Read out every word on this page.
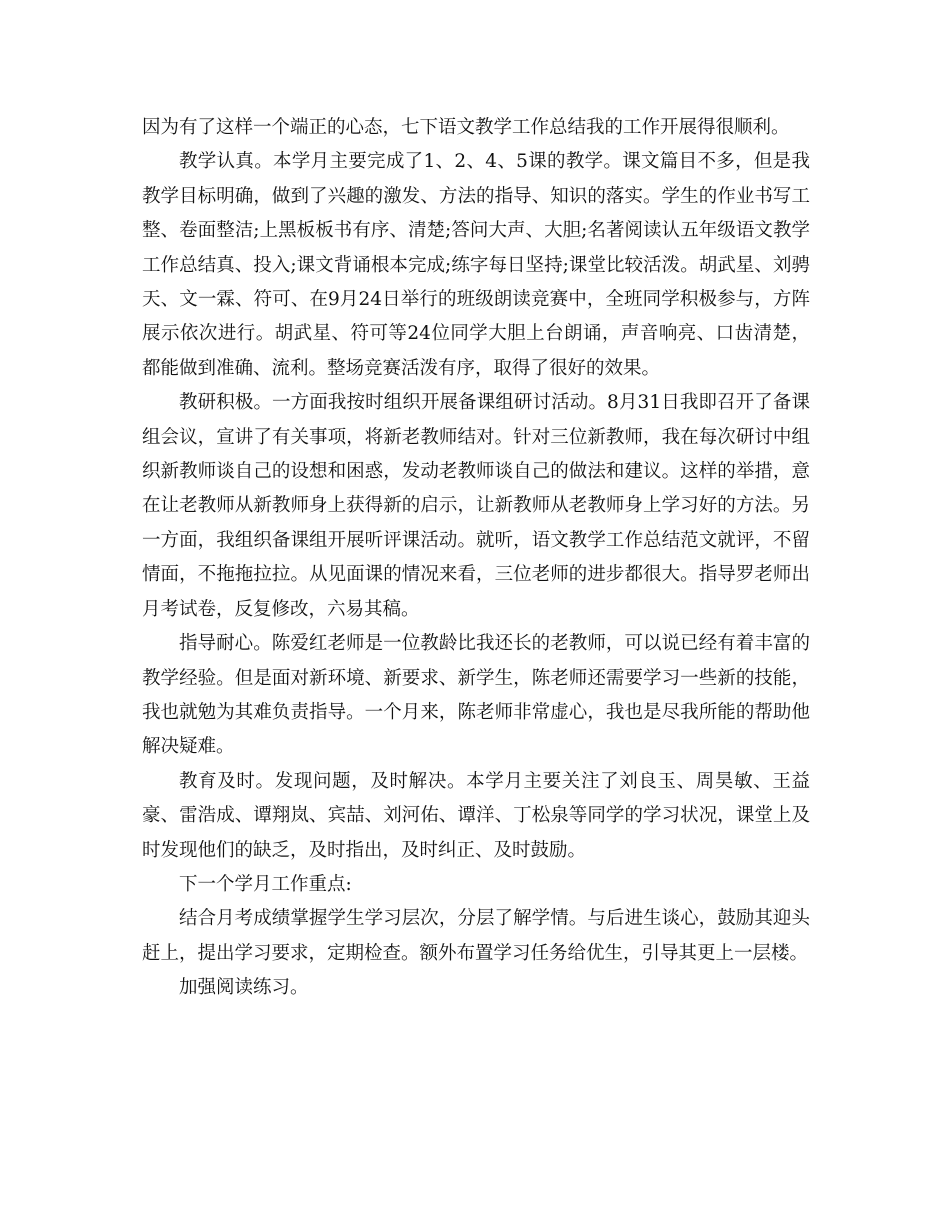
因为有了这样一个端正的心态，七下语文教学工作总结我的工作开展得很顺利。

教学认真。本学月主要完成了1、2、4、5课的教学。课文篇目不多，但是我教学目标明确，做到了兴趣的激发、方法的指导、知识的落实。学生的作业书写工整、卷面整洁;上黑板板书有序、清楚;答问大声、大胆;名著阅读认五年级语文教学工作总结真、投入;课文背诵根本完成;练字每日坚持;课堂比较活泼。胡武星、刘骋天、文一霖、符可、在9月24日举行的班级朗读竞赛中，全班同学积极参与，方阵展示依次进行。胡武星、符可等24位同学大胆上台朗诵，声音响亮、口齿清楚，都能做到准确、流利。整场竞赛活泼有序，取得了很好的效果。

教研积极。一方面我按时组织开展备课组研讨活动。8月31日我即召开了备课组会议，宣讲了有关事项，将新老教师结对。针对三位新教师，我在每次研讨中组织新教师谈自己的设想和困惑，发动老教师谈自己的做法和建议。这样的举措，意在让老教师从新教师身上获得新的启示，让新教师从老教师身上学习好的方法。另一方面，我组织备课组开展听评课活动。就听，语文教学工作总结范文就评，不留情面，不拖拖拉拉。从见面课的情况来看，三位老师的进步都很大。指导罗老师出月考试卷，反复修改，六易其稿。

指导耐心。陈爱红老师是一位教龄比我还长的老教师，可以说已经有着丰富的教学经验。但是面对新环境、新要求、新学生，陈老师还需要学习一些新的技能，我也就勉为其难负责指导。一个月来，陈老师非常虚心，我也是尽我所能的帮助他解决疑难。

教育及时。发现问题，及时解决。本学月主要关注了刘良玉、周昊敏、王益豪、雷浩成、谭翔岚、宾喆、刘河佑、谭洋、丁松泉等同学的学习状况，课堂上及时发现他们的缺乏，及时指出，及时纠正、及时鼓励。

下一个学月工作重点:

结合月考成绩掌握学生学习层次，分层了解学情。与后进生谈心，鼓励其迎头赶上，提出学习要求，定期检查。额外布置学习任务给优生，引导其更上一层楼。

加强阅读练习。
